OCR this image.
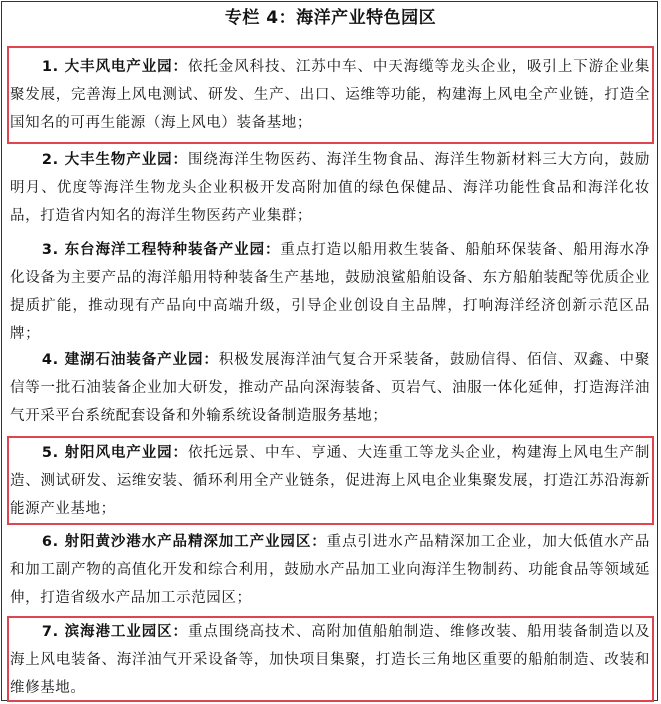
专栏 4：海洋产业特色园区

1. 大丰风电产业园：依托金风科技、江苏中车、中天海缆等龙头企业，吸引上下游企业集聚发展，完善海上风电测试、研发、生产、出口、运维等功能，构建海上风电全产业链，打造全国知名的可再生能源（海上风电）装备基地；

2. 大丰生物产业园：围绕海洋生物医药、海洋生物食品、海洋生物新材料三大方向，鼓励明月、优度等海洋生物龙头企业积极开发高附加值的绿色保健品、海洋功能性食品和海洋化妆品，打造省内知名的海洋生物医药产业集群；

3. 东台海洋工程特种装备产业园：重点打造以船用救生装备、船舶环保装备、船用海水净化设备为主要产品的海洋船用特种装备生产基地，鼓励浪鲨船舶设备、东方船舶装配等优质企业提质扩能，推动现有产品向中高端升级，引导企业创设自主品牌，打响海洋经济创新示范区品牌；

4. 建湖石油装备产业园：积极发展海洋油气复合开采装备，鼓励信得、佰信、双鑫、中聚信等一批石油装备企业加大研发，推动产品向深海装备、页岩气、油服一体化延伸，打造海洋油气开采平台系统配套设备和外输系统设备制造服务基地；

5. 射阳风电产业园：依托远景、中车、亨通、大连重工等龙头企业，构建海上风电生产制造、测试研发、运维安装、循环利用全产业链条，促进海上风电企业集聚发展，打造江苏沿海新能源产业基地；

6. 射阳黄沙港水产品精深加工产业园区：重点引进水产品精深加工企业，加大低值水产品和加工副产物的高值化开发和综合利用，鼓励水产品加工业向海洋生物制药、功能食品等领域延伸，打造省级水产品加工示范园区；

7. 滨海港工业园区：重点围绕高技术、高附加值船舶制造、维修改装、船用装备制造以及海上风电装备、海洋油气开采设备等，加快项目集聚，打造长三角地区重要的船舶制造、改装和维修基地。
